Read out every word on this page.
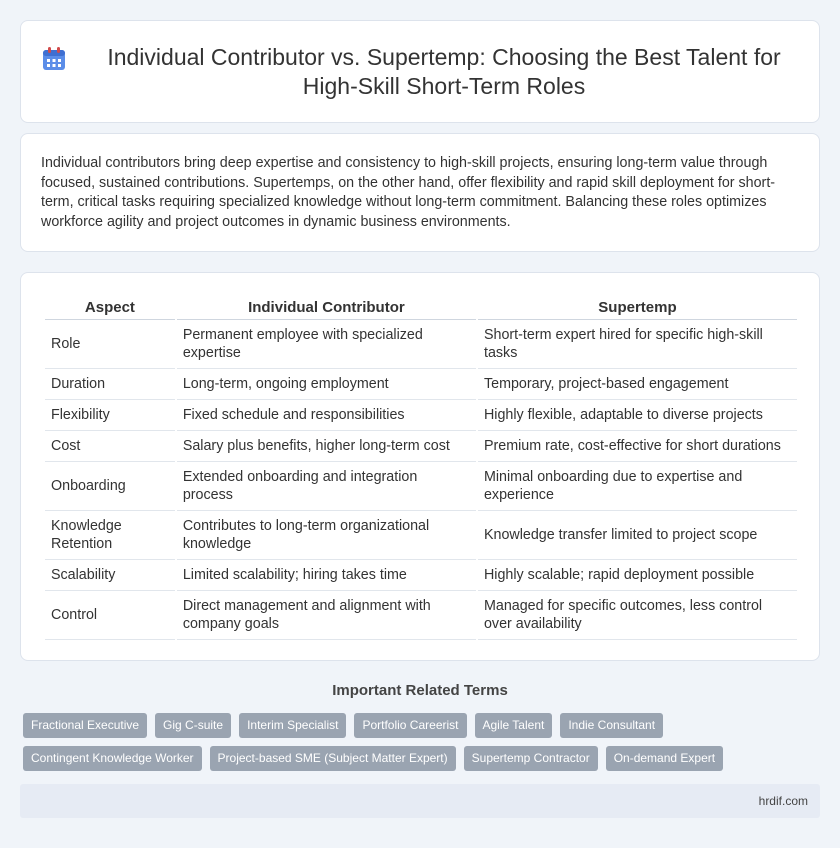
Individual Contributor vs. Supertemp: Choosing the Best Talent for High-Skill Short-Term Roles

Individual contributors bring deep expertise and consistency to high-skill projects, ensuring long-term value through focused, sustained contributions. Supertemps, on the other hand, offer flexibility and rapid skill deployment for short-term, critical tasks requiring specialized knowledge without long-term commitment. Balancing these roles optimizes workforce agility and project outcomes in dynamic business environments.

Aspect	Individual Contributor	Supertemp
Role	Permanent employee with specialized expertise	Short-term expert hired for specific high-skill tasks
Duration	Long-term, ongoing employment	Temporary, project-based engagement
Flexibility	Fixed schedule and responsibilities	Highly flexible, adaptable to diverse projects
Cost	Salary plus benefits, higher long-term cost	Premium rate, cost-effective for short durations
Onboarding	Extended onboarding and integration process	Minimal onboarding due to expertise and experience
Knowledge Retention	Contributes to long-term organizational knowledge	Knowledge transfer limited to project scope
Scalability	Limited scalability; hiring takes time	Highly scalable; rapid deployment possible
Control	Direct management and alignment with company goals	Managed for specific outcomes, less control over availability
Important Related Terms
Fractional Executive	Gig C-suite	Interim Specialist	Portfolio Careerist	Agile Talent	Indie Consultant
Contingent Knowledge Worker	Project-based SME (Subject Matter Expert)	Supertemp Contractor	On-demand Expert
hrdif.com
